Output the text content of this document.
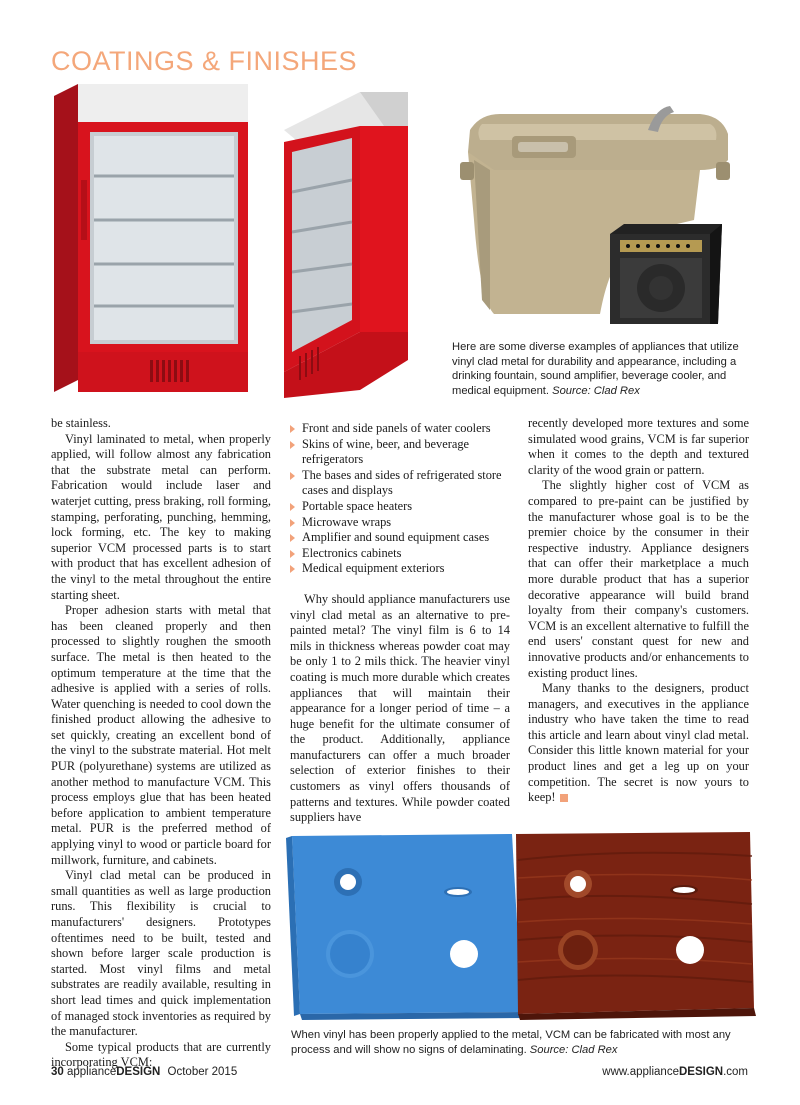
COATINGS & FINISHES
Here are some diverse examples of appliances that utilize vinyl clad metal for durability and appearance, including a drinking fountain, sound amplifier, beverage cooler, and medical equipment. Source: Clad Rex

be stainless.

Vinyl laminated to metal, when properly applied, will follow almost any fabrication that the substrate metal can perform. Fabrication would include laser and waterjet cutting, press braking, roll forming, stamping, perforating, punching, hemming, lock forming, etc. The key to making superior VCM processed parts is to start with product that has excellent adhesion of the vinyl to the metal throughout the entire starting sheet.

Proper adhesion starts with metal that has been cleaned properly and then processed to slightly roughen the smooth surface. The metal is then heated to the optimum temperature at the time that the adhesive is applied with a series of rolls. Water quenching is needed to cool down the finished product allowing the adhesive to set quickly, creating an excellent bond of the vinyl to the substrate material. Hot melt PUR (polyurethane) systems are utilized as another method to manufacture VCM. This process employs glue that has been heated before application to ambient temperature metal. PUR is the preferred method of applying vinyl to wood or particle board for millwork, furniture, and cabinets.

Vinyl clad metal can be produced in small quantities as well as large production runs. This flexibility is crucial to manufacturers' designers. Prototypes oftentimes need to be built, tested and shown before larger scale production is started. Most vinyl films and metal substrates are readily available, resulting in short lead times and quick implementation of managed stock inventories as required by the manufacturer.

Some typical products that are currently incorporating VCM:

Front and side panels of water coolers
Skins of wine, beer, and beverage refrigerators
The bases and sides of refrigerated store cases and displays
Portable space heaters
Microwave wraps
Amplifier and sound equipment cases
Electronics cabinets
Medical equipment exteriors

Why should appliance manufacturers use vinyl clad metal as an alternative to pre-painted metal? The vinyl film is 6 to 14 mils in thickness whereas powder coat may be only 1 to 2 mils thick. The heavier vinyl coating is much more durable which creates appliances that will maintain their appearance for a longer period of time – a huge benefit for the ultimate consumer of the product. Additionally, appliance manufacturers can offer a much broader selection of exterior finishes to their customers as vinyl offers thousands of patterns and textures. While powder coated suppliers have

recently developed more textures and some simulated wood grains, VCM is far superior when it comes to the depth and textured clarity of the wood grain or pattern.

The slightly higher cost of VCM as compared to pre-paint can be justified by the manufacturer whose goal is to be the premier choice by the consumer in their respective industry. Appliance designers that can offer their marketplace a much more durable product that has a superior decorative appearance will build brand loyalty from their company's customers. VCM is an excellent alternative to fulfill the end users' constant quest for new and innovative products and/or enhancements to existing product lines.

Many thanks to the designers, product managers, and executives in the appliance industry who have taken the time to read this article and learn about vinyl clad metal. Consider this little known material for your product lines and get a leg up on your competition. The secret is now yours to keep!

When vinyl has been properly applied to the metal, VCM can be fabricated with most any process and will show no signs of delaminating. Source: Clad Rex
30 applianceDESIGN October 2015	www.applianceDESIGN.com
